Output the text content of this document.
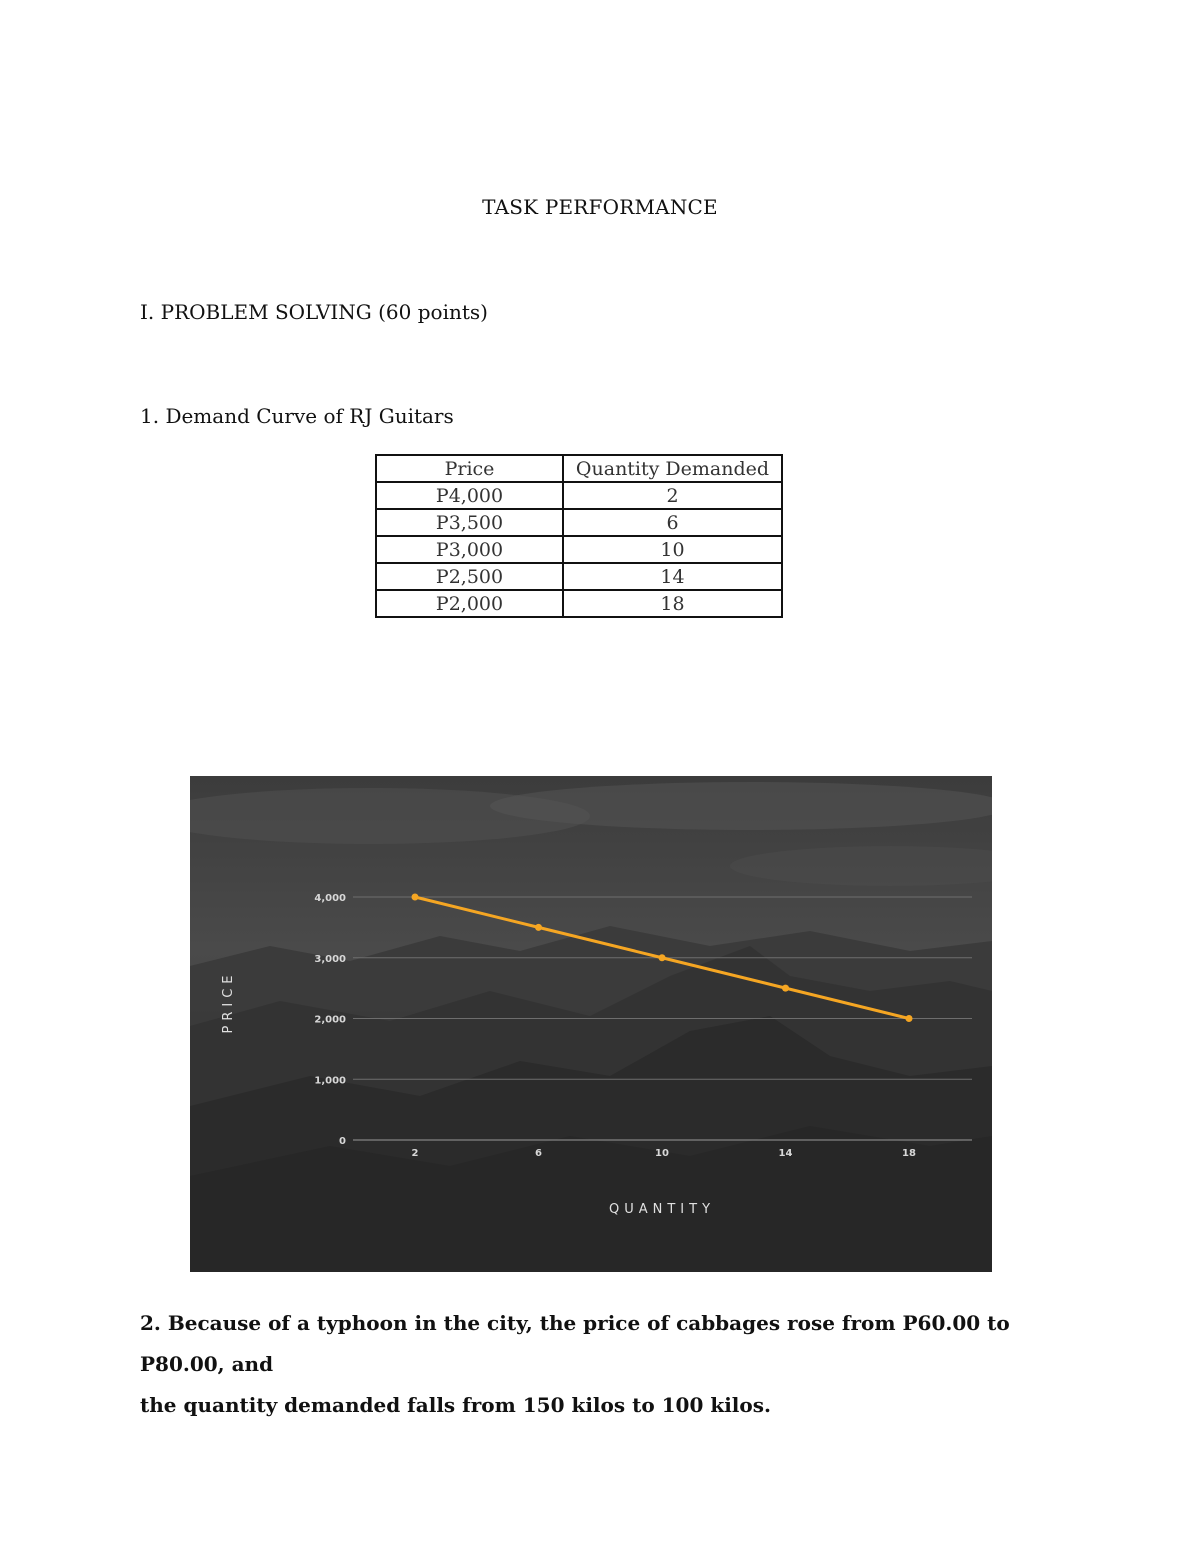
TASK PERFORMANCE
I. PROBLEM SOLVING (60 points)
1. Demand Curve of RJ Guitars
Price	Quantity Demanded
P4,000	2
P3,500	6
P3,000	10
P2,500	14
P2,000	18
0
1,000
2,000
3,000
4,000
2	6	10	14	18
QUANTITY
PRICE
2. Because of a typhoon in the city, the price of cabbages rose from P60.00 to P80.00, and
the quantity demanded falls from 150 kilos to 100 kilos.
